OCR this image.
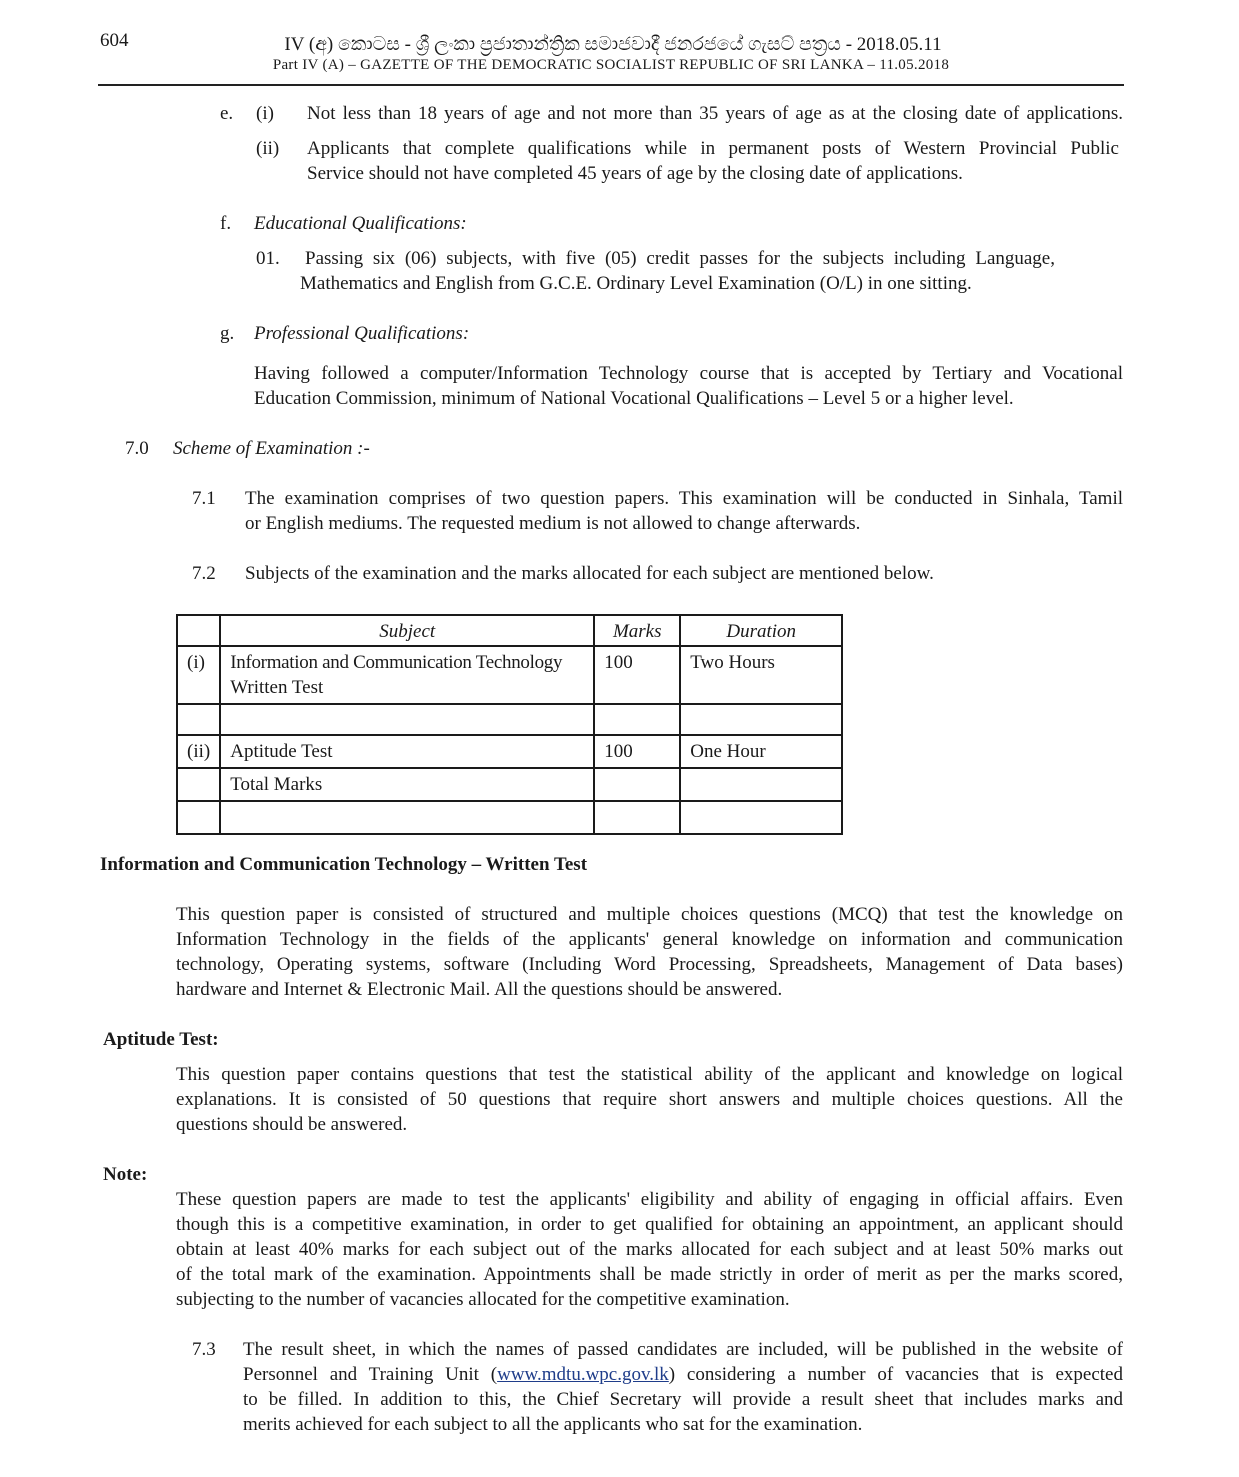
604	IV (අ) කොටස - ශ්‍රී ලංකා ප්‍රජාතාන්ත්‍රික සමාජවාදී ජනරජයේ ගැසට් පත්‍රය - 2018.05.11
Part IV (A) – GAZETTE OF THE DEMOCRATIC SOCIALIST REPUBLIC OF SRI LANKA – 11.05.2018
e. (i) Not less than 18 years of age and not more than 35 years of age as at the closing date of applications.
(ii) Applicants that complete qualifications while in permanent posts of Western Provincial Public
Service should not have completed 45 years of age by the closing date of applications.
f. Educational Qualifications:
01. Passing six (06) subjects, with five (05) credit passes for the subjects including Language,
Mathematics and English from G.C.E. Ordinary Level Examination (O/L) in one sitting.
g. Professional Qualifications:
Having followed a computer/Information Technology course that is accepted by Tertiary and Vocational
Education Commission, minimum of National Vocational Qualifications – Level 5 or a higher level.
7.0 Scheme of Examination :-
7.1 The examination comprises of two question papers. This examination will be conducted in Sinhala, Tamil
or English mediums. The requested medium is not allowed to change afterwards.
7.2 Subjects of the examination and the marks allocated for each subject are mentioned below.
	Subject	Marks	Duration
(i)	Information and Communication Technology
Written Test	100	Two Hours

(ii)	Aptitude Test	100	One Hour
	Total Marks		

Information and Communication Technology – Written Test
This question paper is consisted of structured and multiple choices questions (MCQ) that test the knowledge on
Information Technology in the fields of the applicants' general knowledge on information and communication
technology, Operating systems, software (Including Word Processing, Spreadsheets, Management of Data bases)
hardware and Internet & Electronic Mail. All the questions should be answered.
Aptitude Test:
This question paper contains questions that test the statistical ability of the applicant and knowledge on logical
explanations. It is consisted of 50 questions that require short answers and multiple choices questions. All the
questions should be answered.
Note:
These question papers are made to test the applicants' eligibility and ability of engaging in official affairs. Even
though this is a competitive examination, in order to get qualified for obtaining an appointment, an applicant should
obtain at least 40% marks for each subject out of the marks allocated for each subject and at least 50% marks out
of the total mark of the examination. Appointments shall be made strictly in order of merit as per the marks scored,
subjecting to the number of vacancies allocated for the competitive examination.
7.3 The result sheet, in which the names of passed candidates are included, will be published in the website of
Personnel and Training Unit (www.mdtu.wpc.gov.lk) considering a number of vacancies that is expected
to be filled. In addition to this, the Chief Secretary will provide a result sheet that includes marks and
merits achieved for each subject to all the applicants who sat for the examination.
